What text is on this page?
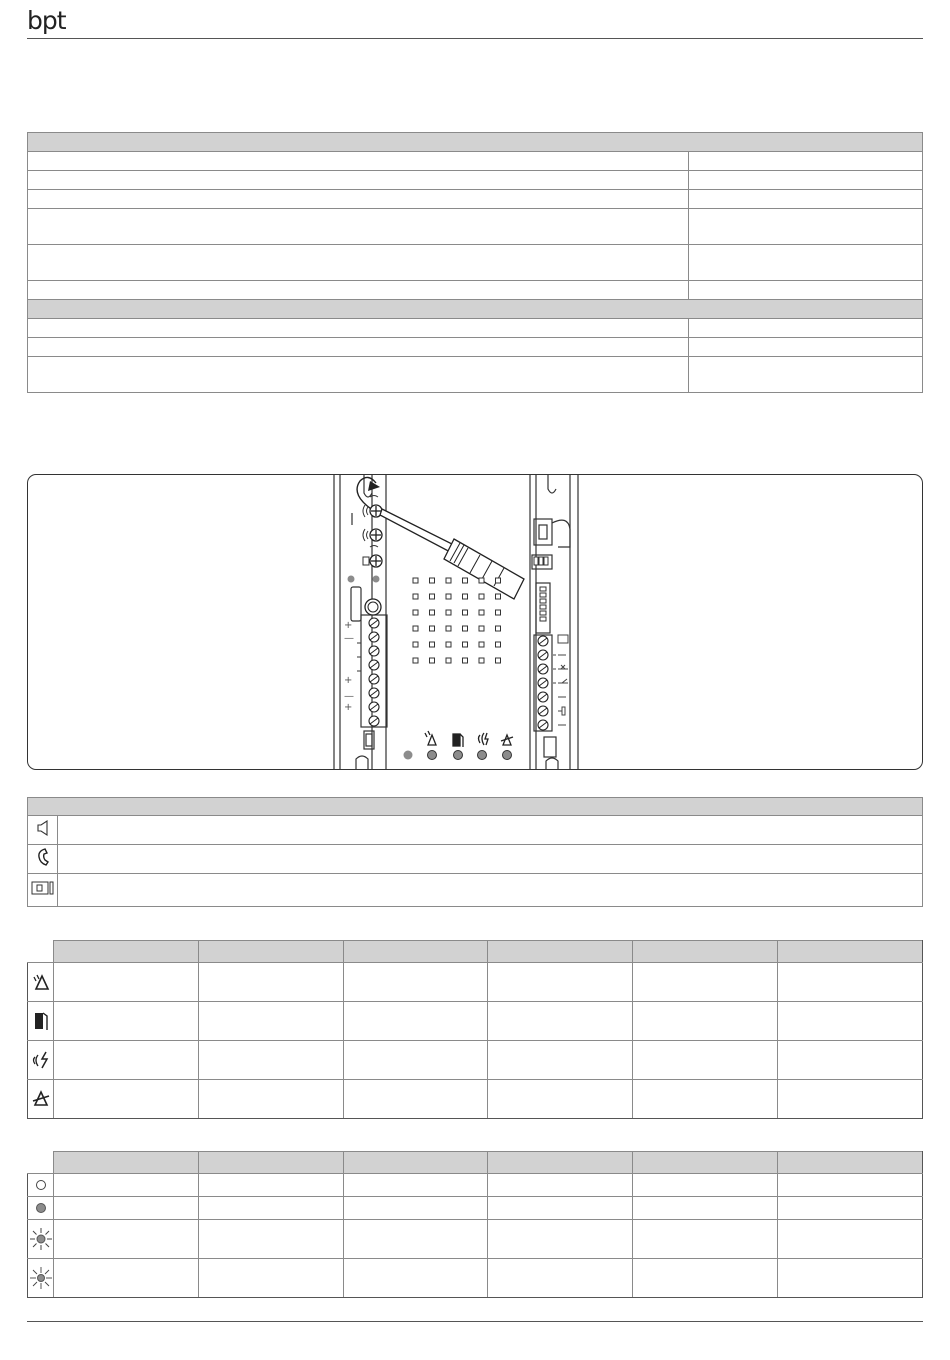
bpt

+
—
+
—
+
